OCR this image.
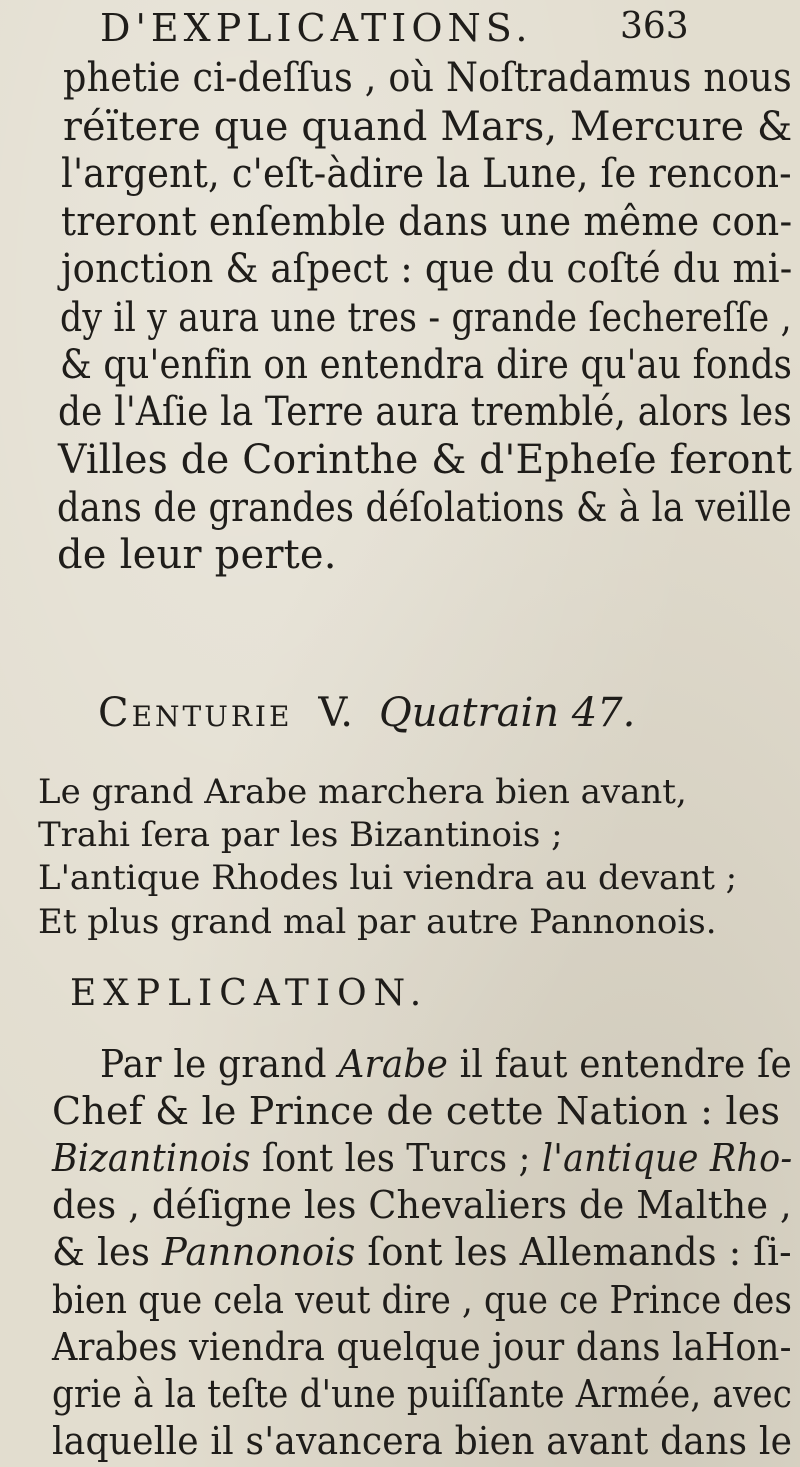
D'EXPLICATIONS. 363
phetie ci-deſſus , où Noſtradamus nous
réïtere que quand Mars, Mercure &
l'argent, c'eſt-àdire la Lune, ſe rencon-
treront enſemble dans une même con-
jonction & aſpect : que du coſté du mi-
dy il y aura une tres - grande ſechereſſe ,
& qu'enfin on entendra dire qu'au fonds
de l'Aſie la Terre aura tremblé, alors les
Villes de Corinthe & d'Epheſe feront
dans de grandes déſolations & à la veille
de leur perte.
Centurie V. Quatrain 47.
Le grand Arabe marchera bien avant,
Trahi ſera par les Bizantinois ;
L'antique Rhodes lui viendra au devant ;
Et plus grand mal par autre Pannonois.
EXPLICATION.
Par le grand Arabe il faut entendre ſe
Chef & le Prince de cette Nation : les
Bizantinois ſont les Turcs ; l'antique Rho-
des , déſigne les Chevaliers de Malthe ,
& les Pannonois ſont les Allemands : ſi-
bien que cela veut dire , que ce Prince des
Arabes viendra quelque jour dans laHon-
grie à la teſte d'une puiſſante Armée, avec
laquelle il s'avancera bien avant dans le
